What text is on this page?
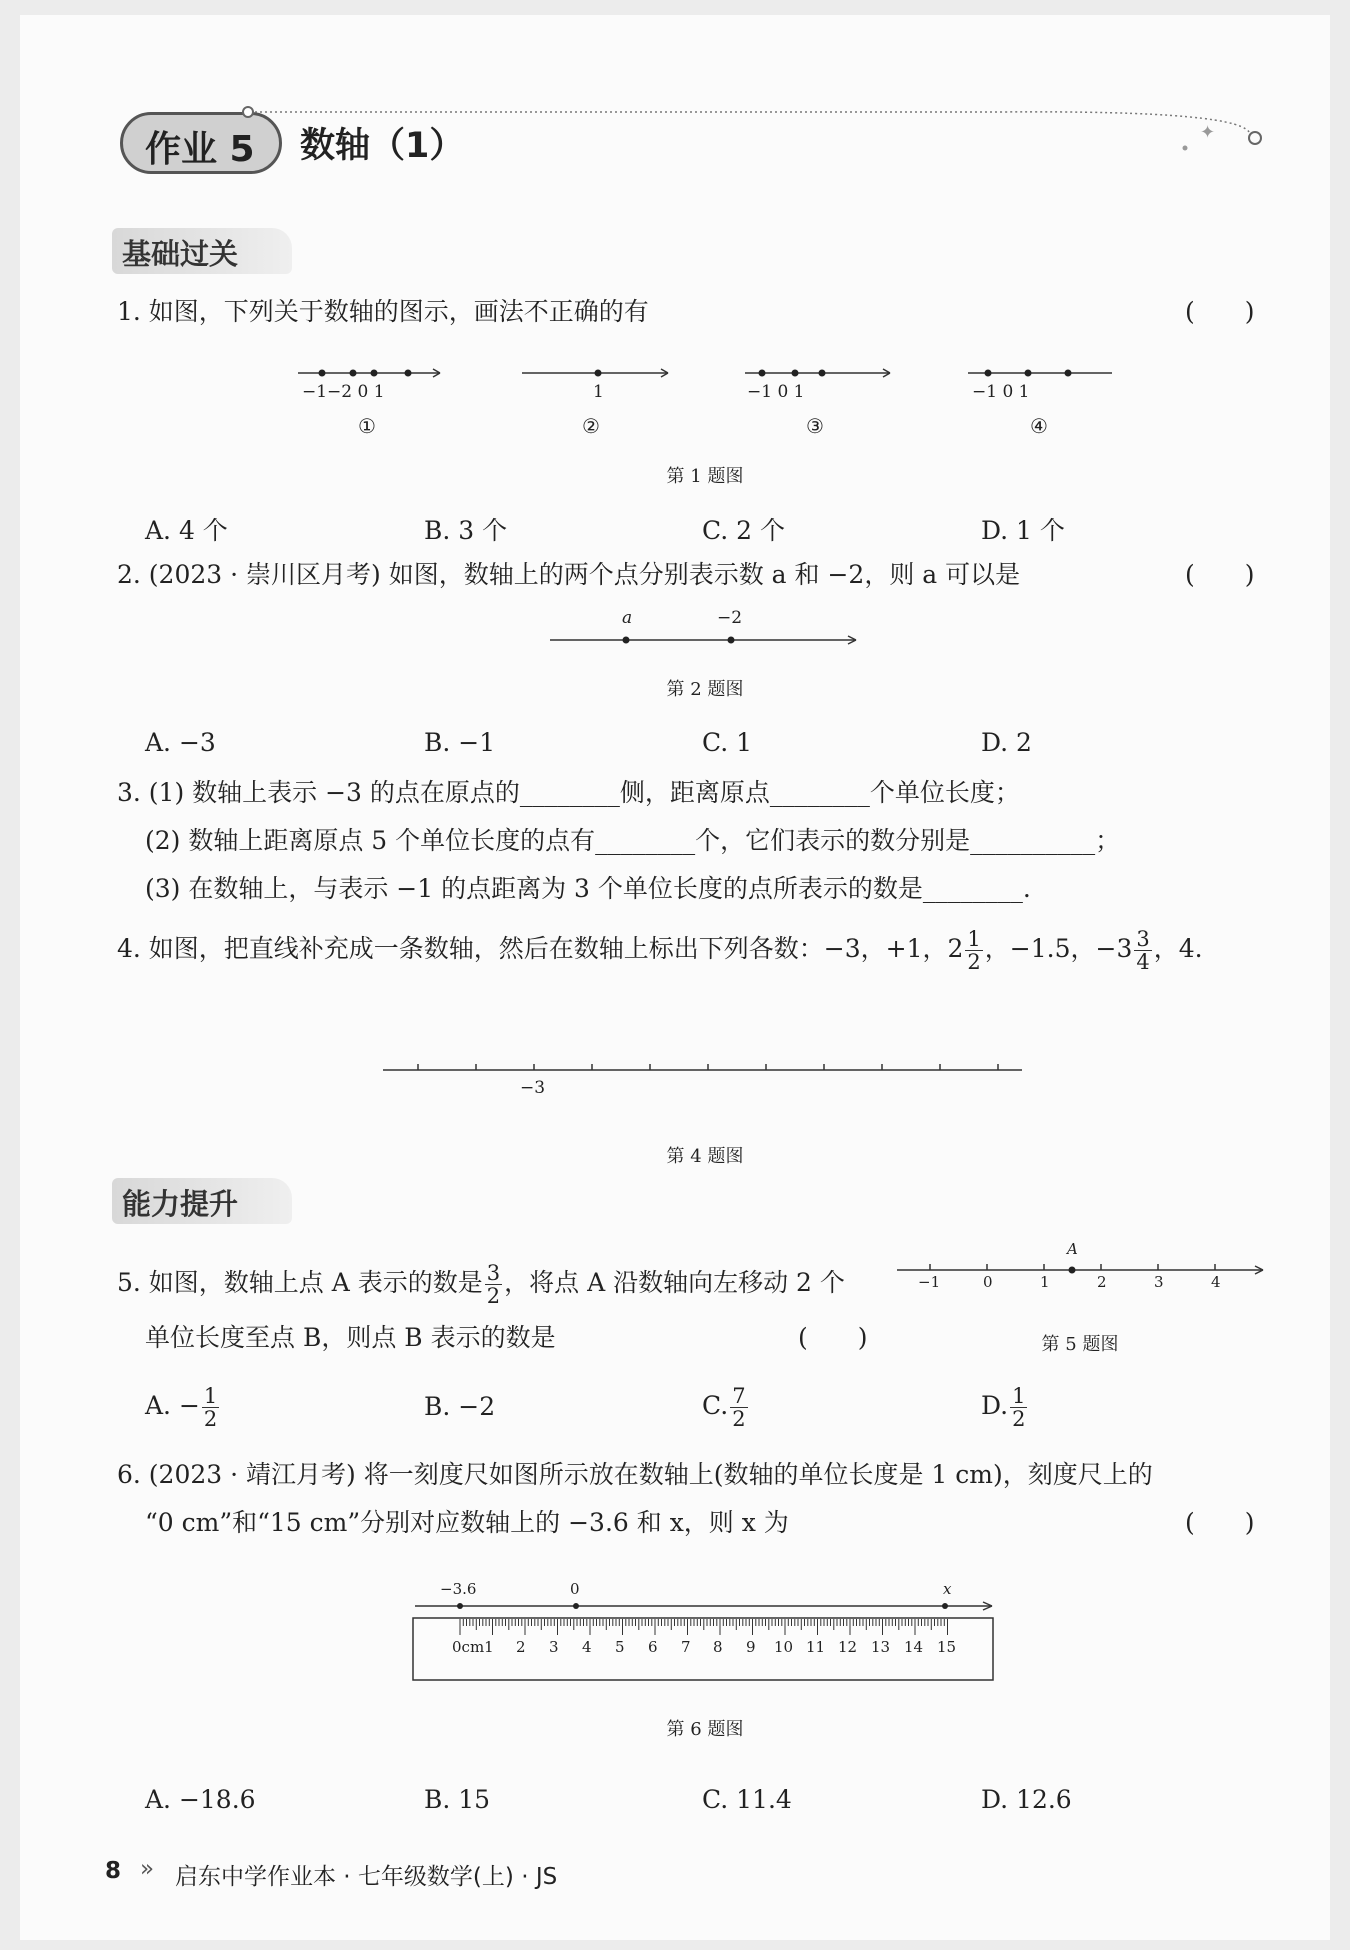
作业 5 数轴（1）	✦
基础过关
1. 如图，下列关于数轴的图示，画法不正确的有	(　　)
−1−2 0 1	1	−1 0 1	−1 0 1
①	②	③	④
第 1 题图
A. 4 个	B. 3 个	C. 2 个	D. 1 个
2. (2023 · 崇川区月考) 如图，数轴上的两个点分别表示数 a 和 −2，则 a 可以是	(　　)
a	−2
第 2 题图
A. −3	B. −1	C. 1	D. 2
3. (1) 数轴上表示 −3 的点在原点的________侧，距离原点________个单位长度；
(2) 数轴上距离原点 5 个单位长度的点有________个，它们表示的数分别是__________；
(3) 在数轴上，与表示 −1 的点距离为 3 个单位长度的点所表示的数是________.
4. 如图，把直线补充成一条数轴，然后在数轴上标出下列各数：−3，+1，$2 \frac{1}{2}$ ，−1.5，$-3 \frac{3}{4}$ ，4.
−3
第 4 题图
能力提升
5. 如图，数轴上点 A 表示的数是 $\frac{3}{2}$ ，将点 A 沿数轴向左移动 2 个
单位长度至点 B，则点 B 表示的数是	(　　)
A
−1	0	1	2	3	4
第 5 题图
A. − $\frac{1}{2}$	B. −2	C. $\frac{7}{2}$	D. $\frac{1}{2}$
6. (2023 · 靖江月考) 将一刻度尺如图所示放在数轴上(数轴的单位长度是 1 cm)，刻度尺上的
“0 cm”和“15 cm”分别对应数轴上的 −3.6 和 x，则 x 为	(　　)
−3.6	0	x
0cm1 2 3 4 5 6 7 8 9 10 11 12 13 14 15
第 6 题图
A. −18.6	B. 15	C. 11.4	D. 12.6
8 » 启东中学作业本 · 七年级数学(上) · JS
